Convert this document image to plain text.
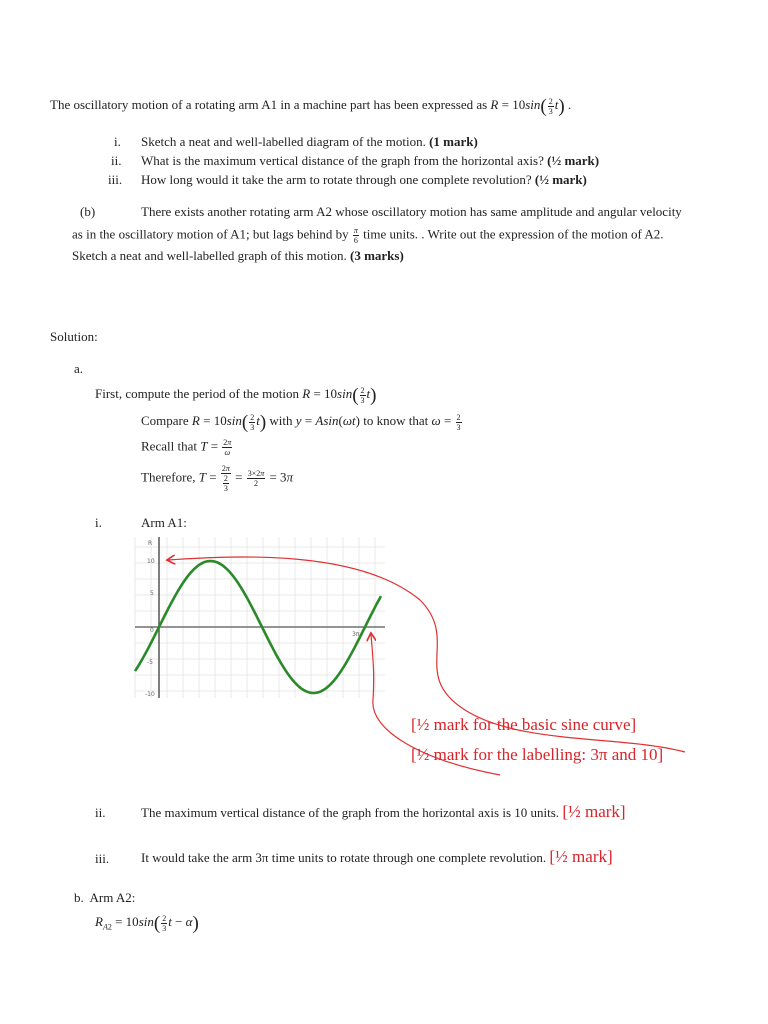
The oscillatory motion of a rotating arm A1 in a machine part has been expressed as $R = 10\sin( \frac{2}{3} t)$ .
i. Sketch a neat and well-labelled diagram of the motion. (1 mark)
ii. What is the maximum vertical distance of the graph from the horizontal axis? (½ mark)
iii. How long would it take the arm to rotate through one complete revolution? (½ mark)
(b)	There exists another rotating arm A2 whose oscillatory motion has same amplitude and angular velocity
as in the oscillatory motion of A1; but lags behind by $\frac{\pi}{6}$ time units. . Write out the expression of the motion of A2.
Sketch a neat and well-labelled graph of this motion. (3 marks)
Solution:
a.
First, compute the period of the motion $R = 10\sin( \frac{2}{3} t)$
Compare $R = 10\sin( \frac{2}{3} t)$ with y = Asin(ωt) to know that $\omega = \frac{2}{3}$
Recall that $T = \frac{2\pi}{\omega}$
Therefore, $T = \frac{2\pi}{\frac{2}{3}} = \frac{3\times 2\pi}{2} = 3\pi$
i.	Arm A1:
R
10
5
0
-5
-10
3π
[½ mark for the basic sine curve]
[½ mark for the labelling: 3π and 10]
ii.	The maximum vertical distance of the graph from the horizontal axis is 10 units. [½ mark]
iii. It would take the arm 3π time units to rotate through one complete revolution. [½ mark]
b. Arm A2:
$R_{A2} = 10\sin( \frac{2}{3}$ t − α)
